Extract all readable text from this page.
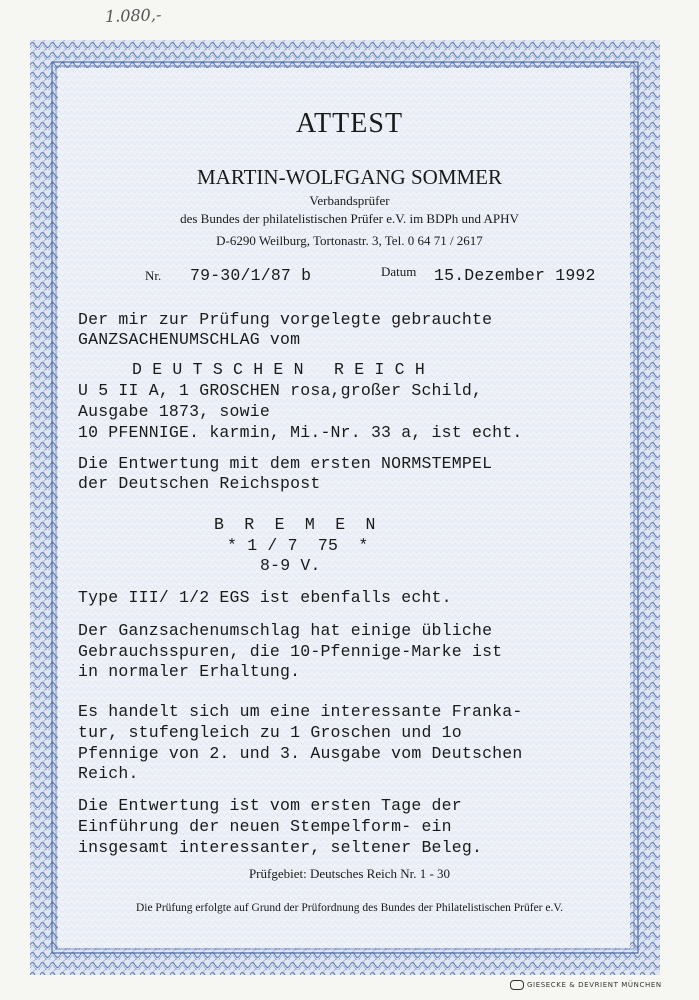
1.080,-
ATTEST
MARTIN-WOLFGANG SOMMER
Verbandsprüfer
des Bundes der philatelistischen Prüfer e.V. im BDPh und APHV
D-6290 Weilburg, Tortonastr. 3, Tel. 0 64 71 / 2617
Nr. 79-30/1/87 b	Datum 15.Dezember 1992
Der mir zur Prüfung vorgelegte gebrauchte
GANZSACHENUMSCHLAG vom
D E U T S C H E N   R E I C H
U 5 II A, 1 GROSCHEN rosa,großer Schild,
Ausgabe 1873, sowie
10 PFENNIGE. karmin, Mi.-Nr. 33 a, ist echt.
Die Entwertung mit dem ersten NORMSTEMPEL
der Deutschen Reichspost
B  R  E  M  E  N
* 1 / 7  75  *
8-9 V.
Type III/ 1/2 EGS ist ebenfalls echt.
Der Ganzsachenumschlag hat einige übliche
Gebrauchsspuren, die 10-Pfennige-Marke ist
in normaler Erhaltung.
Es handelt sich um eine interessante Franka-
tur, stufengleich zu 1 Groschen und 1o
Pfennige von 2. und 3. Ausgabe vom Deutschen
Reich.
Die Entwertung ist vom ersten Tage der
Einführung der neuen Stempelform- ein
insgesamt interessanter, seltener Beleg.
Prüfgebiet: Deutsches Reich Nr. 1 - 30
Die Prüfung erfolgte auf Grund der Prüfordnung des Bundes der Philatelistischen Prüfer e.V.
GIESECKE & DEVRIENT MÜNCHEN
